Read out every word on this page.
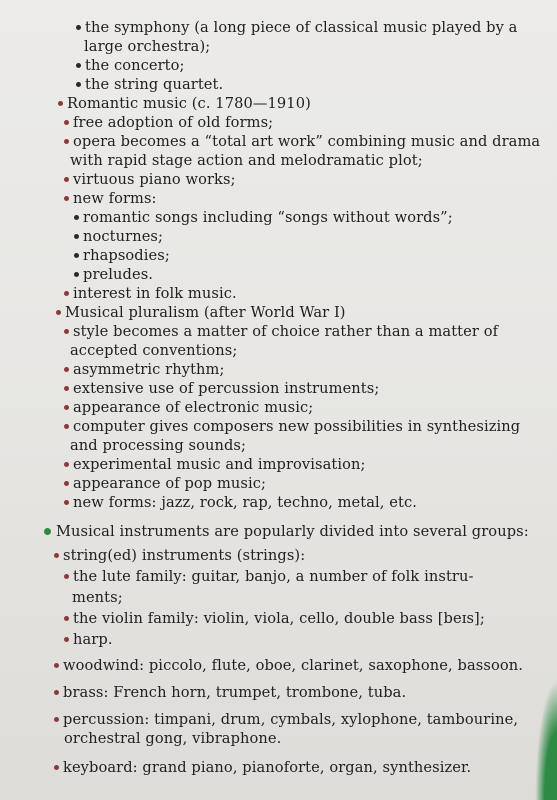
the symphony (a long piece of classical music played by a
large orchestra);
the concerto;
the string quartet.
Romantic music (c. 1780—1910)
free adoption of old forms;
opera becomes a “total art work” combining music and drama
with rapid stage action and melodramatic plot;
virtuous piano works;
new forms:
romantic songs including “songs without words”;
nocturnes;
rhapsodies;
preludes.
interest in folk music.
Musical pluralism (after World War I)
style becomes a matter of choice rather than a matter of
accepted conventions;
asymmetric rhythm;
extensive use of percussion instruments;
appearance of electronic music;
computer gives composers new possibilities in synthesizing
and processing sounds;
experimental music and improvisation;
appearance of pop music;
new forms: jazz, rock, rap, techno, metal, etc.
Musical instruments are popularly divided into several groups:
string(ed) instruments (strings):
the lute family: guitar, banjo, a number of folk instru-
ments;
the violin family: violin, viola, cello, double bass [beɪs];
harp.
woodwind: piccolo, flute, oboe, clarinet, saxophone, bassoon.
brass: French horn, trumpet, trombone, tuba.
percussion: timpani, drum, cymbals, xylophone, tambourine,
orchestral gong, vibraphone.
keyboard: grand piano, pianoforte, organ, synthesizer.
